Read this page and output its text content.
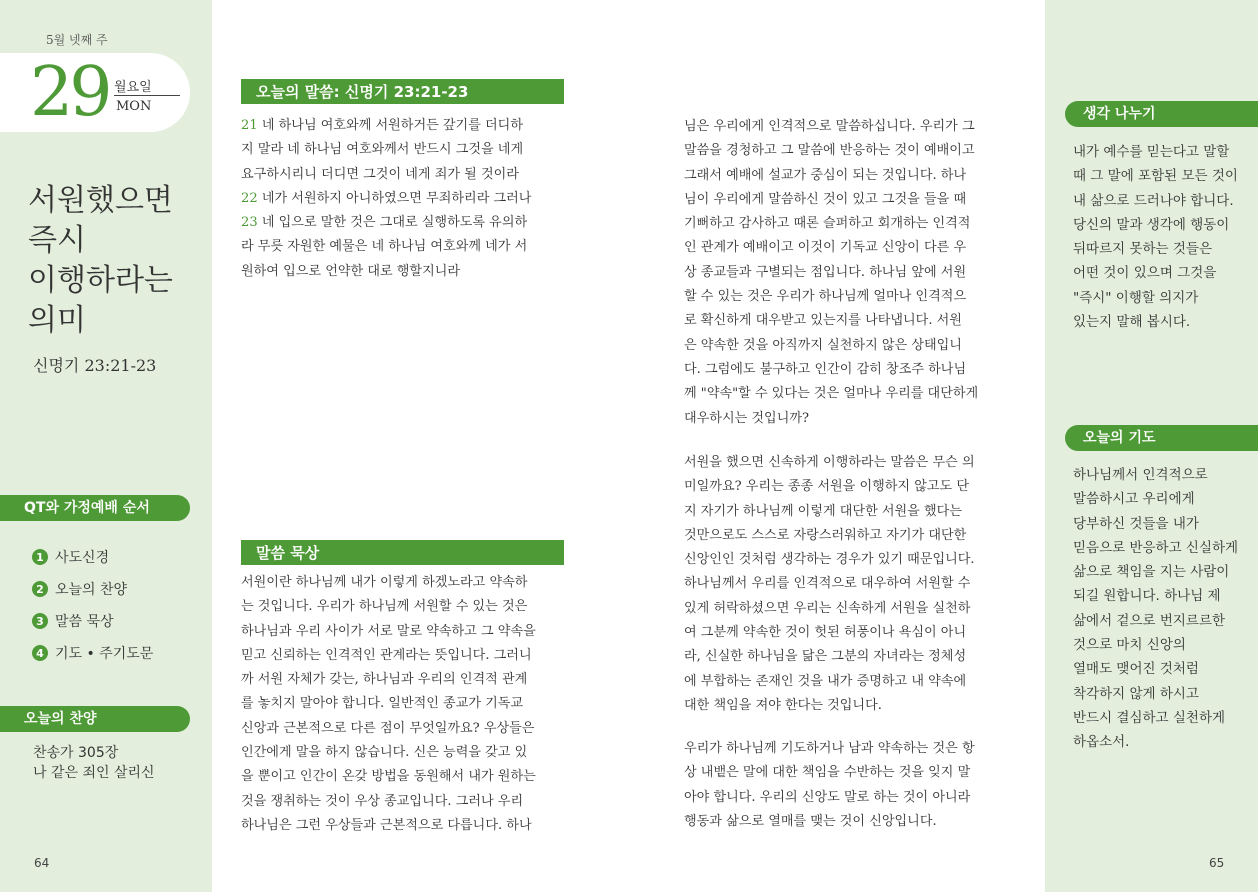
5월 넷째 주
29 월요일
MON
서원했으면
즉시
이행하라는
의미
신명기 23:21-23
QT와 가정예배 순서
1 사도신경
2 오늘의 찬양
3 말씀 묵상
4 기도 • 주기도문
오늘의 찬양
찬송가 305장
나 같은 죄인 살리신
64
오늘의 말씀: 신명기 23:21-23
21 네 하나님 여호와께 서원하거든 갚기를 더디하
지 말라 네 하나님 여호와께서 반드시 그것을 네게
요구하시리니 더디면 그것이 네게 죄가 될 것이라
22 네가 서원하지 아니하였으면 무죄하리라 그러나
23 네 입으로 말한 것은 그대로 실행하도록 유의하
라 무릇 자원한 예물은 네 하나님 여호와께 네가 서
원하여 입으로 언약한 대로 행할지니라
말씀 묵상
서원이란 하나님께 내가 이렇게 하겠노라고 약속하
는 것입니다. 우리가 하나님께 서원할 수 있는 것은
하나님과 우리 사이가 서로 말로 약속하고 그 약속을
믿고 신뢰하는 인격적인 관계라는 뜻입니다. 그러니
까 서원 자체가 갖는, 하나님과 우리의 인격적 관계
를 놓치지 말아야 합니다. 일반적인 종교가 기독교
신앙과 근본적으로 다른 점이 무엇일까요? 우상들은
인간에게 말을 하지 않습니다. 신은 능력을 갖고 있
을 뿐이고 인간이 온갖 방법을 동원해서 내가 원하는
것을 쟁취하는 것이 우상 종교입니다. 그러나 우리
하나님은 그런 우상들과 근본적으로 다릅니다. 하나
님은 우리에게 인격적으로 말씀하십니다. 우리가 그
말씀을 경청하고 그 말씀에 반응하는 것이 예배이고
그래서 예배에 설교가 중심이 되는 것입니다. 하나
님이 우리에게 말씀하신 것이 있고 그것을 들을 때
기뻐하고 감사하고 때론 슬퍼하고 회개하는 인격적
인 관계가 예배이고 이것이 기독교 신앙이 다른 우
상 종교들과 구별되는 점입니다. 하나님 앞에 서원
할 수 있는 것은 우리가 하나님께 얼마나 인격적으
로 확신하게 대우받고 있는지를 나타냅니다. 서원
은 약속한 것을 아직까지 실천하지 않은 상태입니
다. 그럼에도 불구하고 인간이 감히 창조주 하나님
께 "약속"할 수 있다는 것은 얼마나 우리를 대단하게
대우하시는 것입니까?
서원을 했으면 신속하게 이행하라는 말씀은 무슨 의
미일까요? 우리는 종종 서원을 이행하지 않고도 단
지 자기가 하나님께 이렇게 대단한 서원을 했다는
것만으로도 스스로 자랑스러워하고 자기가 대단한
신앙인인 것처럼 생각하는 경우가 있기 때문입니다.
하나님께서 우리를 인격적으로 대우하여 서원할 수
있게 허락하셨으면 우리는 신속하게 서원을 실천하
여 그분께 약속한 것이 헛된 허풍이나 욕심이 아니
라, 신실한 하나님을 닮은 그분의 자녀라는 정체성
에 부합하는 존재인 것을 내가 증명하고 내 약속에
대한 책임을 져야 한다는 것입니다.
우리가 하나님께 기도하거나 남과 약속하는 것은 항
상 내뱉은 말에 대한 책임을 수반하는 것을 잊지 말
아야 합니다. 우리의 신앙도 말로 하는 것이 아니라
행동과 삶으로 열매를 맺는 것이 신앙입니다.
생각 나누기
내가 예수를 믿는다고 말할
때 그 말에 포함된 모든 것이
내 삶으로 드러나야 합니다.
당신의 말과 생각에 행동이
뒤따르지 못하는 것들은
어떤 것이 있으며 그것을
"즉시" 이행할 의지가
있는지 말해 봅시다.
오늘의 기도
하나님께서 인격적으로
말씀하시고 우리에게
당부하신 것들을 내가
믿음으로 반응하고 신실하게
삶으로 책임을 지는 사람이
되길 원합니다. 하나님 제
삶에서 겉으로 번지르르한
것으로 마치 신앙의
열매도 맺어진 것처럼
착각하지 않게 하시고
반드시 결심하고 실천하게
하옵소서.
65
